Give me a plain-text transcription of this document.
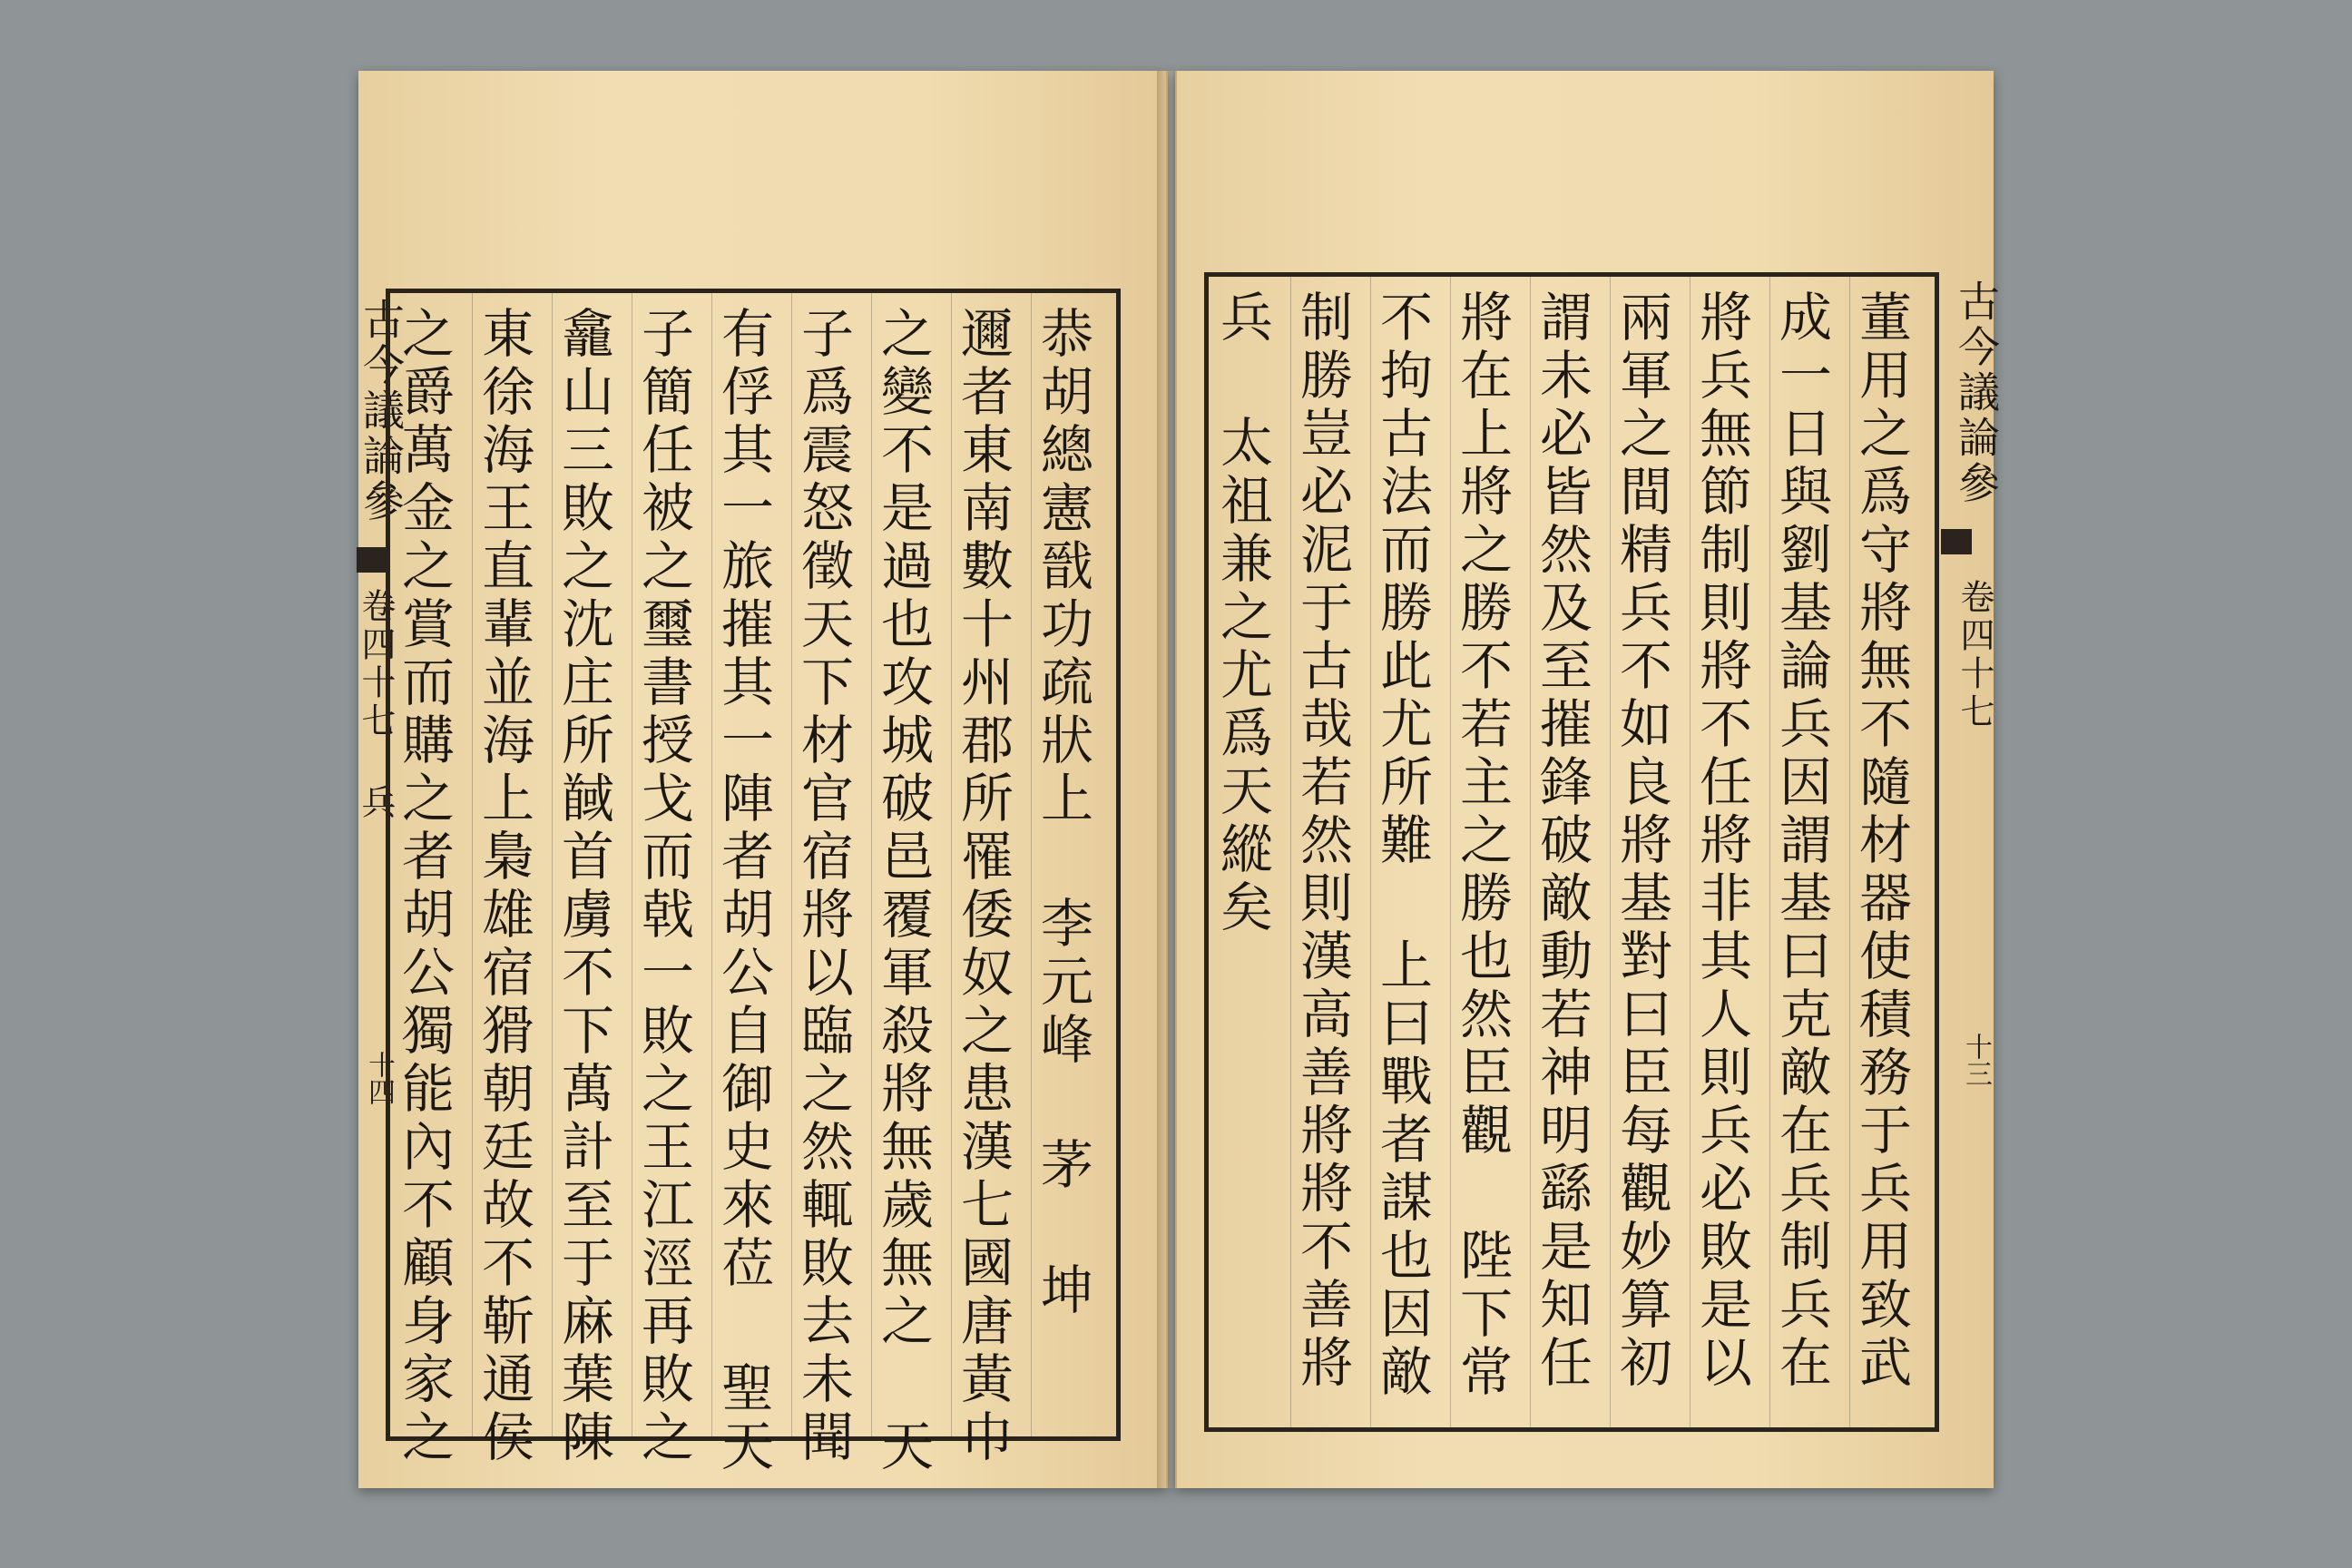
古今議論參
卷四十七 兵
十四	恭胡總憲戩功疏狀上 李元峰 茅 坤
邇者東南數十州郡所罹倭奴之患漢七國唐黃巾
之變不是過也攻城破邑覆軍殺將無歲無之 天
子爲震怒徵天下材官宿將以臨之然輒敗去未聞
有俘其一旅摧其一陣者胡公自御史來莅 聖天
子簡任被之璽書授戈而戟一敗之王江涇再敗之
龕山三敗之沈庄所馘首虜不下萬計至于麻葉陳
東徐海王直輩並海上梟雄宿猾朝廷故不靳通侯
之爵萬金之賞而購之者胡公獨能內不顧身家之	董用之爲守將無不隨材器使積務于兵用致武
成一日與劉基論兵因謂基曰克敵在兵制兵在
將兵無節制則將不任將非其人則兵必敗是以
兩軍之間精兵不如良將基對曰臣每觀妙算初
謂未必皆然及至摧鋒破敵動若神明繇是知任
將在上將之勝不若主之勝也然臣觀 陛下常
不拘古法而勝此尤所難 上曰戰者謀也因敵
制勝豈必泥于古哉若然則漢高善將將不善將
兵 太祖兼之尤爲天縱矣	古今議論參
卷四十七
十三
